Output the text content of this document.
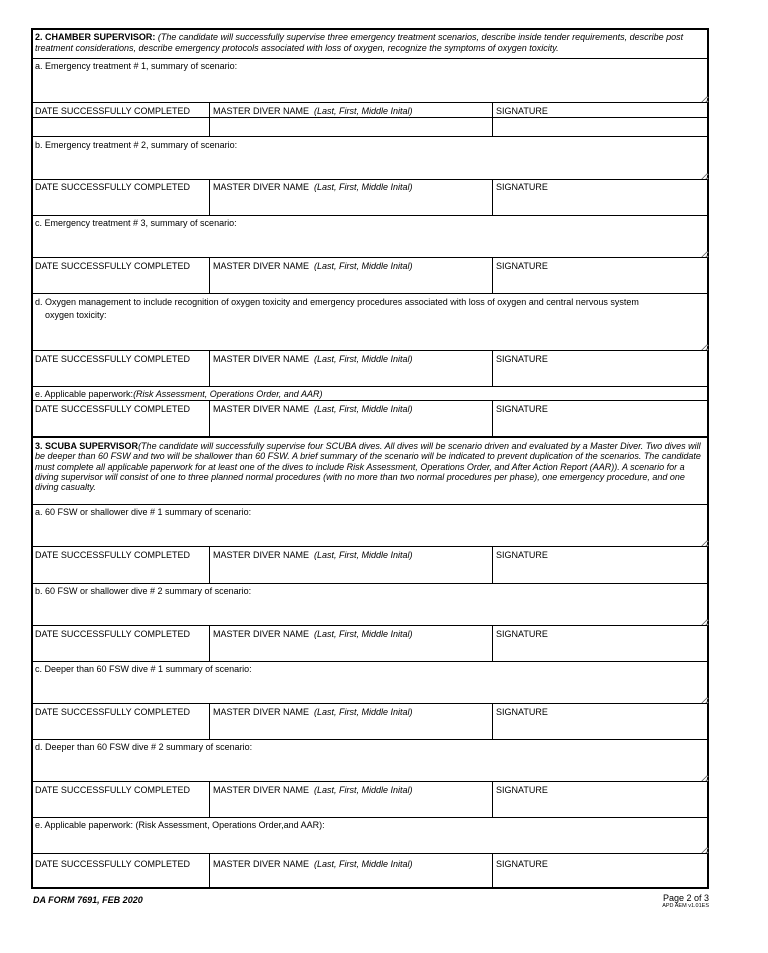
2. CHAMBER SUPERVISOR: (The candidate will successfully supervise three emergency treatment scenarios, describe inside tender requirements, describe post treatment considerations, describe emergency protocols associated with loss of oxygen, recognize the symptoms of oxygen toxicity.
a. Emergency treatment # 1, summary of scenario:
DATE SUCCESSFULLY COMPLETED	MASTER DIVER NAME (Last, First, Middle Inital)	SIGNATURE
b. Emergency treatment # 2, summary of scenario:
DATE SUCCESSFULLY COMPLETED	MASTER DIVER NAME (Last, First, Middle Inital)	SIGNATURE
c. Emergency treatment # 3, summary of scenario:
DATE SUCCESSFULLY COMPLETED	MASTER DIVER NAME (Last, First, Middle Inital)	SIGNATURE
d. Oxygen management to include recognition of oxygen toxicity and emergency procedures associated with loss of oxygen and central nervous system
oxygen toxicity:
DATE SUCCESSFULLY COMPLETED	MASTER DIVER NAME (Last, First, Middle Inital)	SIGNATURE
e. Applicable paperwork:(Risk Assessment, Operations Order, and AAR)
DATE SUCCESSFULLY COMPLETED	MASTER DIVER NAME (Last, First, Middle Inital)	SIGNATURE
3. SCUBA SUPERVISOR(The candidate will successfully supervise four SCUBA dives. All dives will be scenario driven and evaluated by a Master Diver. Two dives will be deeper than 60 FSW and two will be shallower than 60 FSW. A brief summary of the scenario will be indicated to prevent duplication of the scenarios. The candidate must complete all applicable paperwork for at least one of the dives to include Risk Assessment, Operations Order, and After Action Report (AAR)). A scenario for a diving supervisor will consist of one to three planned normal procedures (with no more than two normal procedures per phase), one emergency procedure, and one diving casualty.
a. 60 FSW or shallower dive # 1 summary of scenario:
DATE SUCCESSFULLY COMPLETED	MASTER DIVER NAME (Last, First, Middle Inital)	SIGNATURE
b. 60 FSW or shallower dive # 2 summary of scenario:
DATE SUCCESSFULLY COMPLETED	MASTER DIVER NAME (Last, First, Middle Inital)	SIGNATURE
c. Deeper than 60 FSW dive # 1 summary of scenario:
DATE SUCCESSFULLY COMPLETED	MASTER DIVER NAME (Last, First, Middle Inital)	SIGNATURE
d. Deeper than 60 FSW dive # 2 summary of scenario:
DATE SUCCESSFULLY COMPLETED	MASTER DIVER NAME (Last, First, Middle Inital)	SIGNATURE
e. Applicable paperwork: (Risk Assessment, Operations Order,and AAR):
DATE SUCCESSFULLY COMPLETED	MASTER DIVER NAME (Last, First, Middle Inital)	SIGNATURE
DA FORM 7691, FEB 2020	Page 2 of 3
APD AEM v1.01ES
